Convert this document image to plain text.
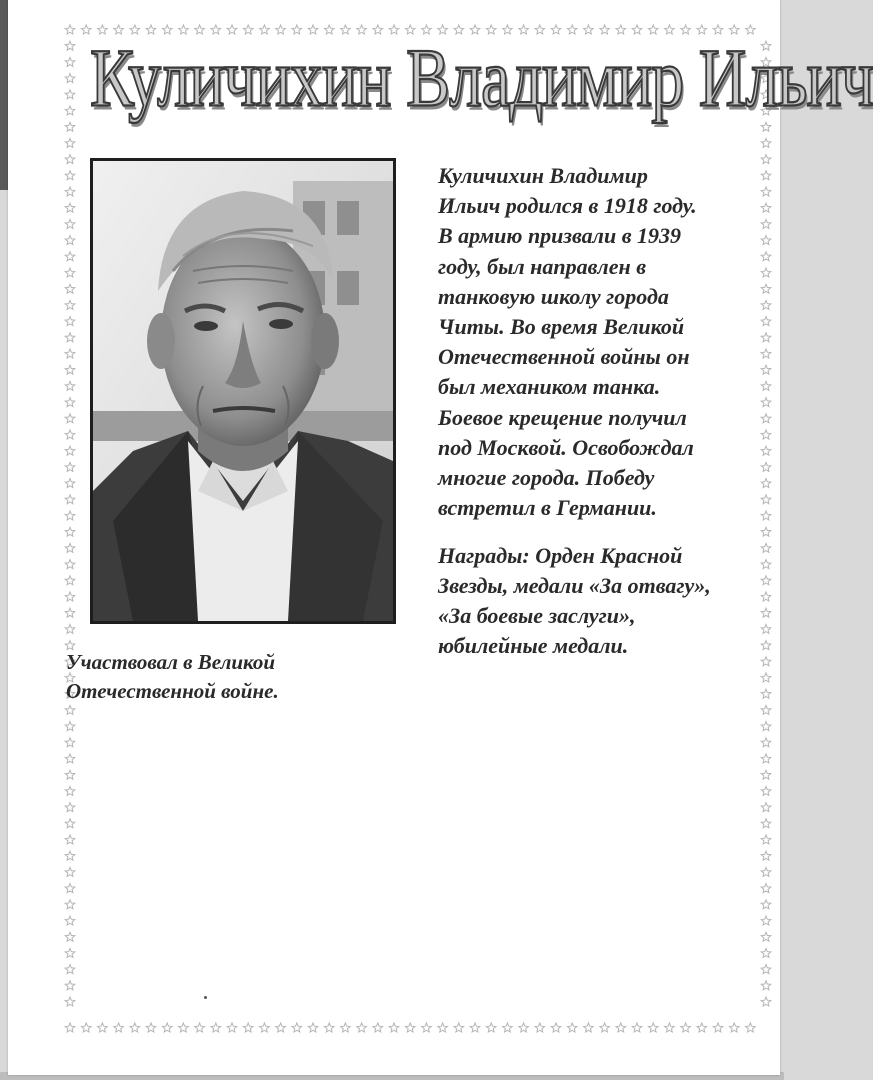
Куличихин Владимир Ильич

Куличихин Владимир
Ильич родился в 1918 году.
В армию призвали в 1939
году, был направлен в
танковую школу города
Читы. Во время Великой
Отечественной войны он
был механиком танка.
Боевое крещение получил
под Москвой. Освобождал
многие города. Победу
встретил в Германии.

Награды: Орден Красной
Звезды, медали «За отвагу»,
«За боевые заслуги»,
юбилейные медали.

Участвовал в Великой
Отечественной войне.
